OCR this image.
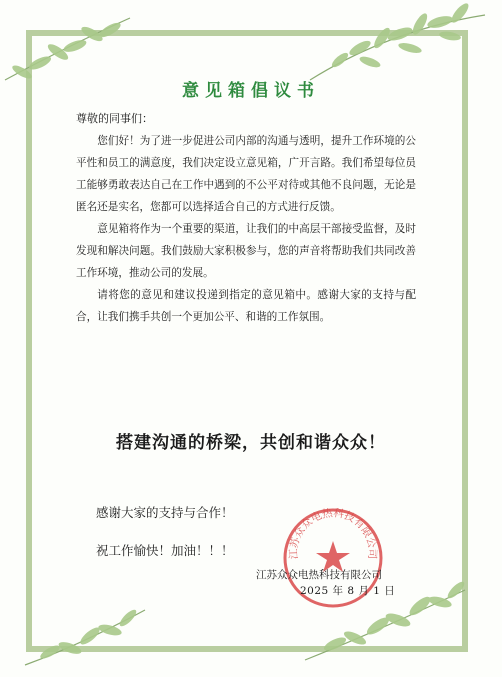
意见箱倡议书
尊敬的同事们：

您们好！为了进一步促进公司内部的沟通与透明，提升工作环境的公平性和员工的满意度，我们决定设立意见箱，广开言路。我们希望每位员工能够勇敢表达自己在工作中遇到的不公平对待或其他不良问题，无论是匿名还是实名，您都可以选择适合自己的方式进行反馈。

意见箱将作为一个重要的渠道，让我们的中高层干部接受监督，及时发现和解决问题。我们鼓励大家积极参与，您的声音将帮助我们共同改善工作环境，推动公司的发展。

请将您的意见和建议投递到指定的意见箱中。感谢大家的支持与配合，让我们携手共创一个更加公平、和谐的工作氛围。

搭建沟通的桥梁，共创和谐众众！
感谢大家的支持与合作！
祝工作愉快！加油！！！	江苏众众电热科技有限公司
江苏众众电热科技有限公司
2025 年 8 月 1 日
